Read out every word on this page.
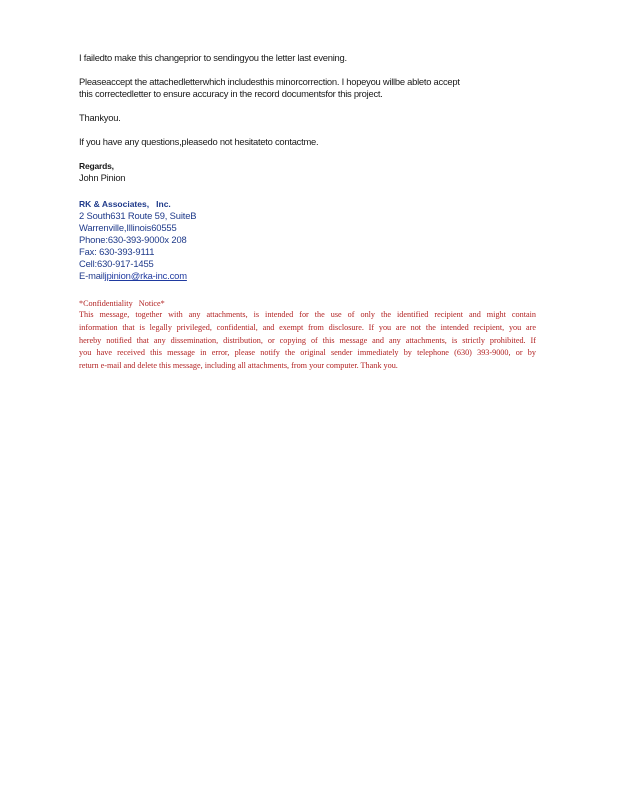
I failedto make this changeprior to sendingyou the letter last evening.

Pleaseaccept the attachedletterwhich includesthis minorcorrection. I hopeyou willbe ableto accept
this correctedletter to ensure accuracy in the record documentsfor this project.

Thankyou.

If you have any questions,pleasedo not hesitateto contactme.

Regards,

John Pinion

RK & Associates,   Inc.

2 South631 Route 59, SuiteB

Warrenville,Illinois60555

Phone:630-393-9000x 208

Fax: 630-393-9111

Cell:630-917-1455

E-mailjpinion@rka-inc.com

*Confidentiality   Notice*

This message, together with any attachments, is intended for the use of only the identified recipient and might contain
information that is legally privileged, confidential, and exempt from disclosure. If you are not the intended recipient, you are
hereby notified that any dissemination, distribution, or copying of this message and any attachments, is strictly prohibited. If
you have received this message in error, please notify the original sender immediately by telephone (630) 393-9000, or by
return e-mail and delete this message, including all attachments, from your computer. Thank you.
